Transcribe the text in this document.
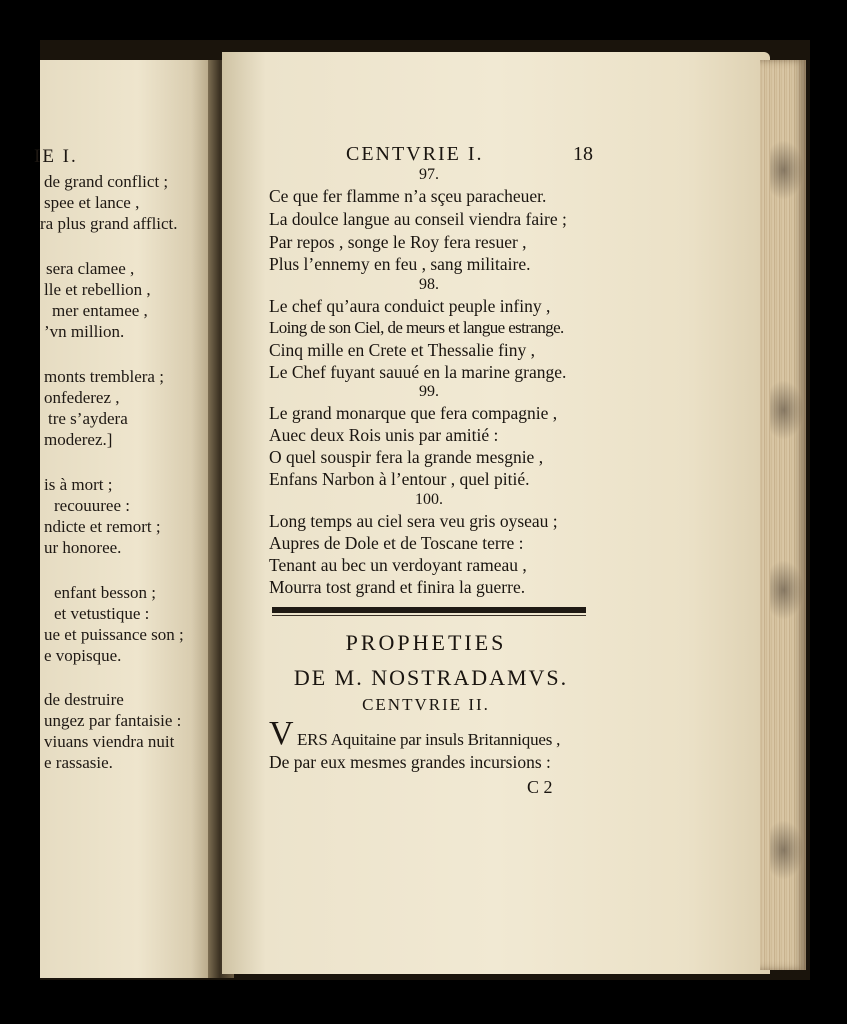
IE I.
de grand conflict ;
spee et lance ,
ra plus grand afflict.
sera clamee ,
lle et rebellion ,
mer entamee ,
’vn million.
monts tremblera ;
onfederez ,
tre s’aydera
moderez.]
is à mort ;
recouuree :
ndicte et remort ;
ur honoree.
enfant besson ;
et vetustique :
ue et puissance son ;
e vopisque.
de destruire
ungez par fantaisie :
viuans viendra nuit
e rassasie.
CENTVRIE I.	18
97.
Ce que fer flamme n’a sçeu paracheuer.
La doulce langue au conseil viendra faire ;
Par repos , songe le Roy fera resuer ,
Plus l’ennemy en feu , sang militaire.
98.
Le chef qu’aura conduict peuple infiny ,
Loing de son Ciel, de meurs et langue estrange.
Cinq mille en Crete et Thessalie finy ,
Le Chef fuyant sauué en la marine grange.
99.
Le grand monarque que fera compagnie ,
Auec deux Rois unis par amitié :
O quel souspir fera la grande mesgnie ,
Enfans Narbon à l’entour , quel pitié.
100.
Long temps au ciel sera veu gris oyseau ;
Aupres de Dole et de Toscane terre :
Tenant au bec un verdoyant rameau ,
Mourra tost grand et finira la guerre.
PROPHETIES
DE M. NOSTRADAMVS.
CENTVRIE II.
V ERS Aquitaine par insuls Britanniques ,
De par eux mesmes grandes incursions :
C 2
